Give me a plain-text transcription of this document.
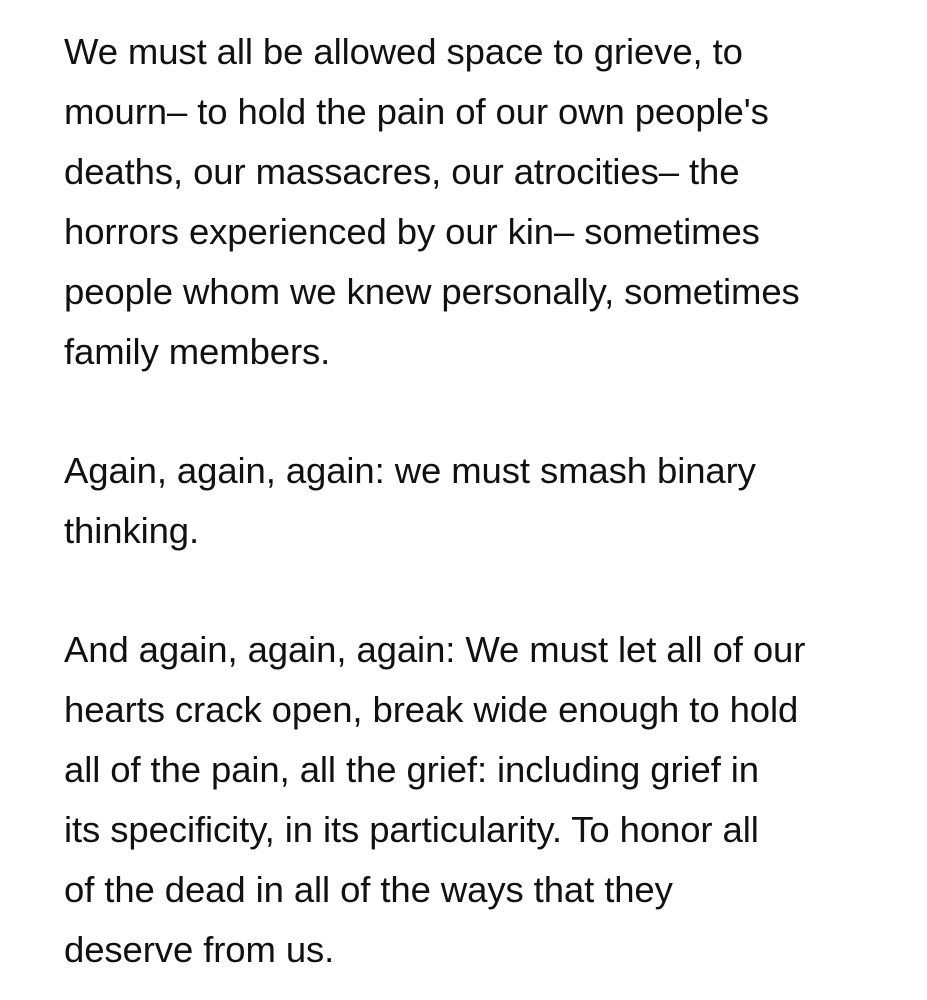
We must all be allowed space to grieve, to
mourn– to hold the pain of our own people's
deaths, our massacres, our atrocities– the
horrors experienced by our kin– sometimes
people whom we knew personally, sometimes
family members.

Again, again, again: we must smash binary
thinking.

And again, again, again: We must let all of our
hearts crack open, break wide enough to hold
all of the pain, all the grief: including grief in
its specificity, in its particularity. To honor all
of the dead in all of the ways that they
deserve from us.
